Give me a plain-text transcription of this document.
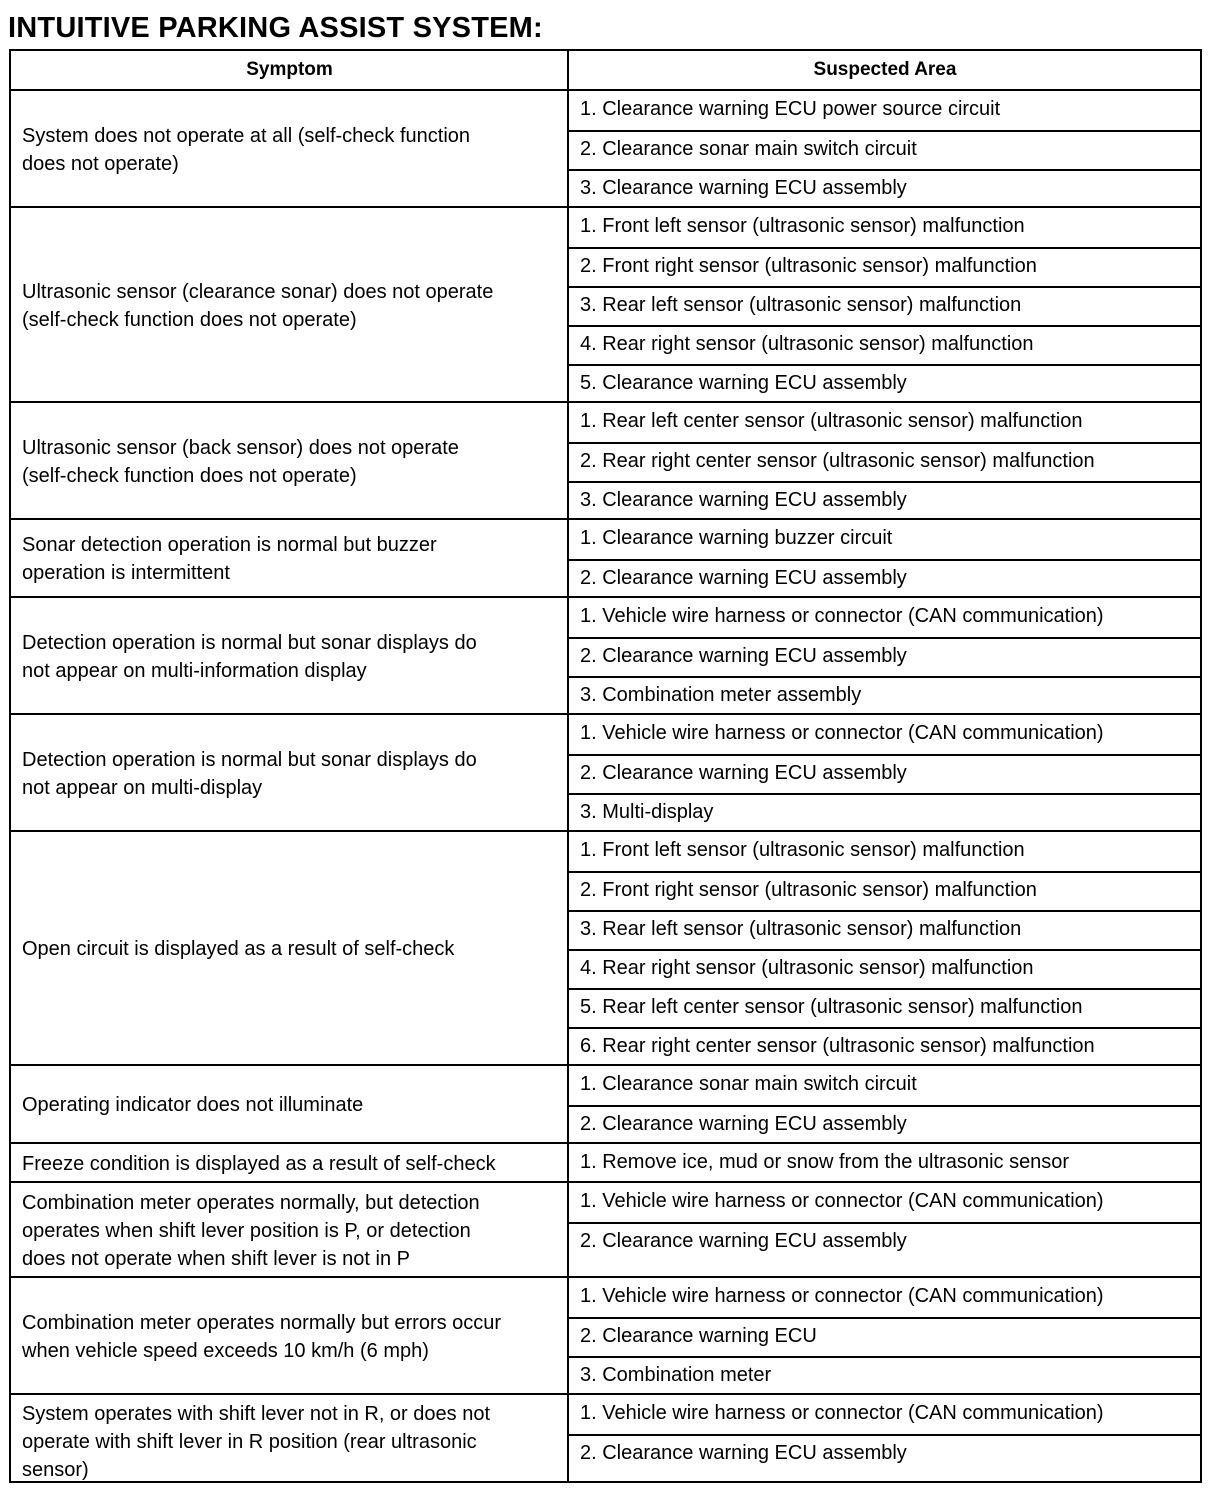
INTUITIVE PARKING ASSIST SYSTEM:
Symptom	Suspected Area
System does not operate at all (self-check function
does not operate)
1. Clearance warning ECU power source circuit
2. Clearance sonar main switch circuit
3. Clearance warning ECU assembly
Ultrasonic sensor (clearance sonar) does not operate
(self-check function does not operate)
1. Front left sensor (ultrasonic sensor) malfunction
2. Front right sensor (ultrasonic sensor) malfunction
3. Rear left sensor (ultrasonic sensor) malfunction
4. Rear right sensor (ultrasonic sensor) malfunction
5. Clearance warning ECU assembly
Ultrasonic sensor (back sensor) does not operate
(self-check function does not operate)
1. Rear left center sensor (ultrasonic sensor) malfunction
2. Rear right center sensor (ultrasonic sensor) malfunction
3. Clearance warning ECU assembly
Sonar detection operation is normal but buzzer
operation is intermittent
1. Clearance warning buzzer circuit
2. Clearance warning ECU assembly
Detection operation is normal but sonar displays do
not appear on multi-information display
1. Vehicle wire harness or connector (CAN communication)
2. Clearance warning ECU assembly
3. Combination meter assembly
Detection operation is normal but sonar displays do
not appear on multi-display
1. Vehicle wire harness or connector (CAN communication)
2. Clearance warning ECU assembly
3. Multi-display
Open circuit is displayed as a result of self-check
1. Front left sensor (ultrasonic sensor) malfunction
2. Front right sensor (ultrasonic sensor) malfunction
3. Rear left sensor (ultrasonic sensor) malfunction
4. Rear right sensor (ultrasonic sensor) malfunction
5. Rear left center sensor (ultrasonic sensor) malfunction
6. Rear right center sensor (ultrasonic sensor) malfunction
Operating indicator does not illuminate
1. Clearance sonar main switch circuit
2. Clearance warning ECU assembly
Freeze condition is displayed as a result of self-check	1. Remove ice, mud or snow from the ultrasonic sensor
Combination meter operates normally, but detection
operates when shift lever position is P, or detection
does not operate when shift lever is not in P
1. Vehicle wire harness or connector (CAN communication)
2. Clearance warning ECU assembly
Combination meter operates normally but errors occur
when vehicle speed exceeds 10 km/h (6 mph)
1. Vehicle wire harness or connector (CAN communication)
2. Clearance warning ECU
3. Combination meter
System operates with shift lever not in R, or does not
operate with shift lever in R position (rear ultrasonic
sensor)
1. Vehicle wire harness or connector (CAN communication)
2. Clearance warning ECU assembly
